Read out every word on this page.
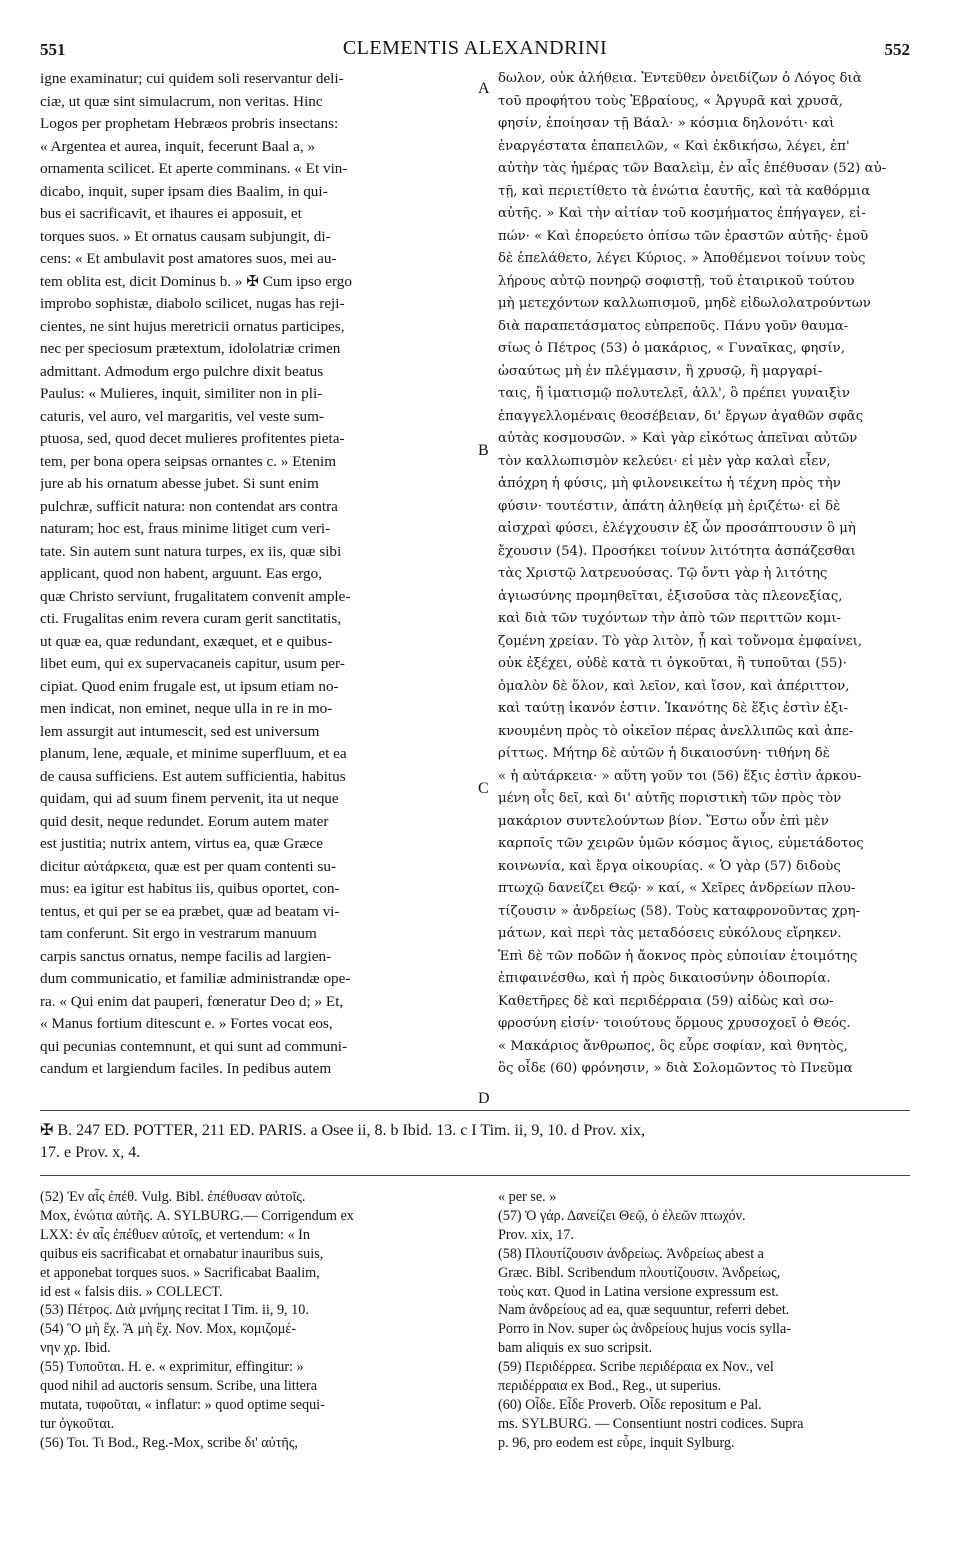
551	CLEMENTIS ALEXANDRINI	552
igne examinatur; cui quidem soli reservantur deli-
ciæ, ut quæ sint simulacrum, non veritas. Hinc
Logos per prophetam Hebræos probris insectans:
« Argentea et aurea, inquit, fecerunt Baal a, »
ornamenta scilicet. Et aperte comminans. « Et vin-
dicabo, inquit, super ipsam dies Baalim, in qui-
bus ei sacrificavit, et ihaures ei apposuit, et
torques suos. » Et ornatus causam subjungit, di-
cens: « Et ambulavit post amatores suos, mei au-
tem oblita est, dicit Dominus b. » ✠ Cum ipso ergo
improbo sophistæ, diabolo scilicet, nugas has reji-
cientes, ne sint hujus meretricii ornatus participes,
nec per speciosum prætextum, idololatriæ crimen
admittant. Admodum ergo pulchre dixit beatus
Paulus: « Mulieres, inquit, similiter non in pli-
caturis, vel auro, vel margaritis, vel veste sum-
ptuosa, sed, quod decet mulieres profitentes pieta-
tem, per bona opera seipsas ornantes c. » Etenim
jure ab his ornatum abesse jubet. Si sunt enim
pulchræ, sufficit natura: non contendat ars contra
naturam; hoc est, fraus minime litiget cum veri-
tate. Sin autem sunt natura turpes, ex iis, quæ sibi
applicant, quod non habent, arguunt. Eas ergo,
quæ Christo serviunt, frugalitatem convenit ample-
cti. Frugalitas enim revera curam gerit sanctitatis,
ut quæ ea, quæ redundant, exæquet, et e quibus-
libet eum, qui ex supervacaneis capitur, usum per-
cipiat. Quod enim frugale est, ut ipsum etiam no-
men indicat, non eminet, neque ulla in re in mo-
lem assurgit aut intumescit, sed est universum
planum, lene, æquale, et minime superfluum, et ea
de causa sufficiens. Est autem sufficientia, habitus
quidam, qui ad suum finem pervenit, ita ut neque
quid desit, neque redundet. Eorum autem mater
est justitia; nutrix antem, virtus ea, quæ Græce
dicitur αὐτάρκεια, quæ est per quam contenti su-
mus: ea igitur est habitus iis, quibus oportet, con-
tentus, et qui per se ea præbet, quæ ad beatam vi-
tam conferunt. Sit ergo in vestrarum manuum
carpis sanctus ornatus, nempe facilis ad largien-
dum communicatio, et familiæ administrandæ ope-
ra. « Qui enim dat pauperi, fœneratur Deo d; » Et,
« Manus fortium ditescunt e. » Fortes vocat eos,
qui pecunias contemnunt, et qui sunt ad communi-
candum et largiendum faciles. In pedibus autem
δωλον, οὐκ ἀλήθεια. Ἐντεῦθεν ὀνειδίζων ὁ Λόγος διὰ
τοῦ προφήτου τοὺς Ἑβραίους, « Ἀργυρᾶ καὶ χρυσᾶ,
φησίν, ἐποίησαν τῇ Βάαλ· » κόσμια δηλονότι· καὶ
ἐναργέστατα ἐπαπειλῶν, « Καὶ ἐκδικήσω, λέγει, ἐπ'
αὐτὴν τὰς ἡμέρας τῶν Βααλεὶμ, ἐν αἷς ἐπέθυσαν (52) αὐ-
τῇ, καὶ περιετίθετο τὰ ἐνώτια ἑαυτῆς, καὶ τὰ καθόρμια
αὐτῆς. » Καὶ τὴν αἰτίαν τοῦ κοσμήματος ἐπήγαγεν, εἰ-
πών· « Καὶ ἐπορεύετο ὀπίσω τῶν ἐραστῶν αὐτῆς· ἐμοῦ
δὲ ἐπελάθετο, λέγει Κύριος. » Ἀποθέμενοι τοίνυν τοὺς
λήρους αὐτῷ πονηρῷ σοφιστῇ, τοῦ ἑταιρικοῦ τούτου
μὴ μετεχόντων καλλωπισμοῦ, μηδὲ εἰδωλολατρούντων
διὰ παραπετάσματος εὐπρεποῦς. Πάνυ γοῦν θαυμα-
σίως ὁ Πέτρος (53) ὁ μακάριος, « Γυναῖκας, φησίν,
ὡσαύτως μὴ ἐν πλέγμασιν, ἢ χρυσῷ, ἢ μαργαρί-
ταις, ἢ ἱματισμῷ πολυτελεῖ, ἀλλ', ὃ πρέπει γυναιξὶν
ἐπαγγελλομέναις θεοσέβειαν, δι' ἔργων ἀγαθῶν σφᾶς
αὐτὰς κοσμουσῶν. » Καὶ γὰρ εἰκότως ἀπεῖναι αὐτῶν
τὸν καλλωπισμὸν κελεύει· εἰ μὲν γὰρ καλαὶ εἶεν,
ἀπόχρη ἡ φύσις, μὴ φιλονεικείτω ἡ τέχνη πρὸς τὴν
φύσιν· τουτέστιν, ἀπάτη ἀληθείᾳ μὴ ἐριζέτω· εἰ δὲ
αἰσχραὶ φύσει, ἐλέγχουσιν ἐξ ὧν προσάπτουσιν ὃ μὴ
ἔχουσιν (54). Προσήκει τοίνυν λιτότητα ἀσπάζεσθαι
τὰς Χριστῷ λατρευούσας. Τῷ ὄντι γὰρ ἡ λιτότης
ἁγιωσύνης προμηθεῖται, ἐξισοῦσα τὰς πλεονεξίας,
καὶ διὰ τῶν τυχόντων τὴν ἀπὸ τῶν περιττῶν κομι-
ζομένη χρείαν. Τὸ γὰρ λιτὸν, ᾗ καὶ τοὔνομα ἐμφαίνει,
οὐκ ἐξέχει, οὐδὲ κατὰ τι ὀγκοῦται, ἢ τυποῦται (55)·
ὁμαλὸν δὲ ὅλον, καὶ λεῖον, καὶ ἴσον, καὶ ἀπέριττον,
καὶ ταύτῃ ἱκανόν ἐστιν. Ἱκανότης δὲ ἕξις ἐστὶν ἐξι-
κνουμένη πρὸς τὸ οἰκεῖον πέρας ἀνελλιπῶς καὶ ἀπε-
ρίττως. Μήτηρ δὲ αὐτῶν ἡ δικαιοσύνη· τιθήνη δὲ
« ἡ αὐτάρκεια· » αὕτη γοῦν τοι (56) ἕξις ἐστὶν ἀρκου-
μένη οἷς δεῖ, καὶ δι' αὑτῆς ποριστικὴ τῶν πρὸς τὸν
μακάριον συντελούντων βίον. Ἔστω οὖν ἐπὶ μὲν
καρποῖς τῶν χειρῶν ὑμῶν κόσμος ἅγιος, εὐμετάδοτος
κοινωνία, καὶ ἔργα οἰκουρίας. « Ὁ γὰρ (57) διδοὺς
πτωχῷ δανείζει Θεῷ· » καί, « Χεῖρες ἀνδρείων πλου-
τίζουσιν » ἀνδρείως (58). Τοὺς καταφρονοῦντας χρη-
μάτων, καὶ περὶ τὰς μεταδόσεις εὐκόλους εἴρηκεν.
Ἐπὶ δὲ τῶν ποδῶν ἡ ἄοκνος πρὸς εὐποιίαν ἑτοιμότης
ἐπιφαινέσθω, καὶ ἡ πρὸς δικαιοσύνην ὁδοιπορία.
Καθετῆρες δὲ καὶ περιδέρραια (59) αἰδὼς καὶ σω-
φροσύνη εἰσίν· τοιούτους ὅρμους χρυσοχοεῖ ὁ Θεός.
« Μακάριος ἄνθρωπος, ὃς εὗρε σοφίαν, καὶ θνητὸς,
ὃς οἶδε (60) φρόνησιν, » διὰ Σολομῶντος τὸ Πνεῦμα
A
B
C
D
✠ B. 247 ED. POTTER, 211 ED. PARIS. a Osee ii, 8. b Ibid. 13. c I Tim. ii, 9, 10. d Prov. xix,
17. e Prov. x, 4.
(52) Ἐν αἷς ἐπέθ. Vulg. Bibl. ἐπέθυσαν αὐτοῖς.
Mox, ἐνώτια αὐτῆς. A. SYLBURG.— Corrigendum ex
LXX: ἐν αἷς ἐπέθυεν αὐτοῖς, et vertendum: « In
quibus eis sacrificabat et ornabatur inauribus suis,
et apponebat torques suos. » Sacrificabat Baalim,
id est « falsis diis. » COLLECT.
(53) Πέτρος. Διὰ μνήμης recitat I Tim. ii, 9, 10.
(54) Ὃ μὴ ἔχ. Ἃ μὴ ἔχ. Nov. Mox, κομιζομέ-
νην χρ. Ibid.
(55) Τυποῦται. H. e. « exprimitur, effingitur: »
quod nihil ad auctoris sensum. Scribe, una littera
mutata, τυφοῦται, « inflatur: » quod optime sequi-
tur ὀγκοῦται.
(56) Τοι. Τι Bod., Reg.-Mox, scribe δι' αὐτῆς,
« per se. »
(57) Ὁ γάρ. Δανείζει Θεῷ, ὁ ἐλεῶν πτωχόν.
Prov. xix, 17.
(58) Πλουτίζουσιν ἀνδρείως. Ἀνδρείως abest a
Græc. Bibl. Scribendum πλουτίζουσιν. Ἀνδρείως,
τοὺς κατ. Quod in Latina versione expressum est.
Nam ἀνδρείους ad ea, quæ sequuntur, referri debet.
Porro in Nov. super ὡς ἀνδρείους hujus vocis sylla-
bam aliquis ex suo scripsit.
(59) Περιδέρρεα. Scribe περιδέραια ex Nov., vel
περιδέρραια ex Bod., Reg., ut superius.
(60) Οἶδε. Εἶδε Proverb. Οἶδε repositum e Pal.
ms. SYLBURG. — Consentiunt nostri codices. Supra
p. 96, pro eodem est εὗρε, inquit Sylburg.
